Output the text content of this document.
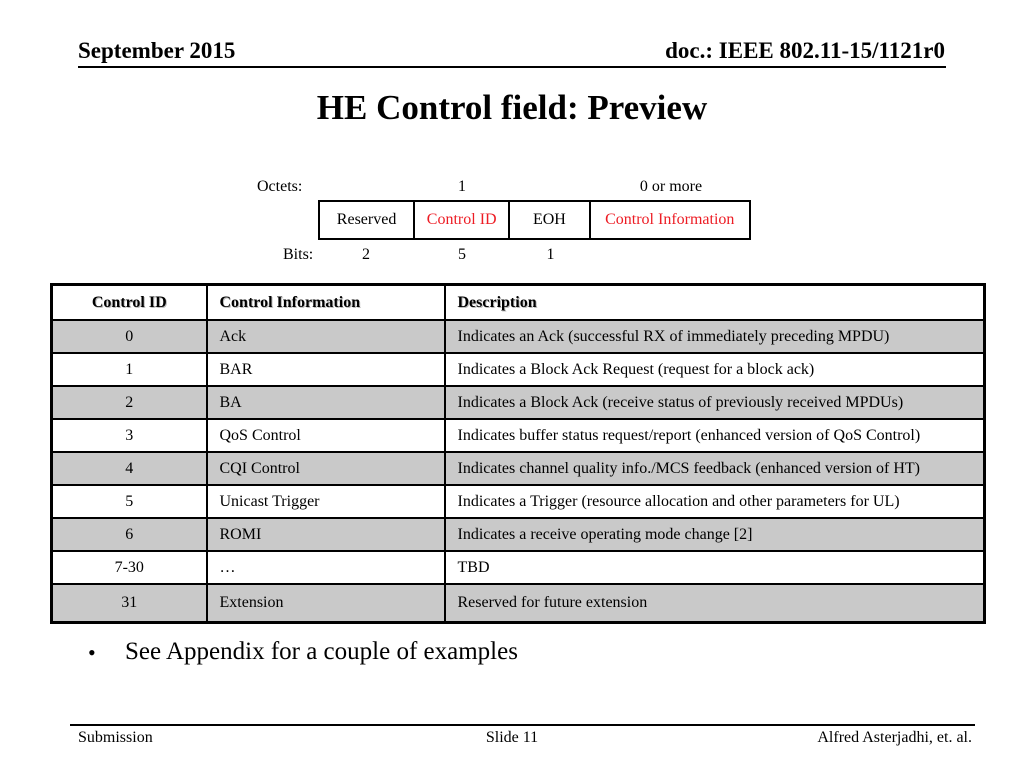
September 2015	doc.: IEEE 802.11-15/1121r0
HE Control field: Preview
Octets:	1	0 or more
Reserved	Control ID	EOH	Control Information
Bits:	2	5	1
Control ID	Control Information	Description
0	Ack	Indicates an Ack (successful RX of immediately preceding MPDU)
1	BAR	Indicates a Block Ack Request (request for a block ack)
2	BA	Indicates a Block Ack (receive status of previously received MPDUs)
3	QoS Control	Indicates buffer status request/report (enhanced version of QoS Control)
4	CQI Control	Indicates channel quality info./MCS feedback (enhanced version of HT)
5	Unicast Trigger	Indicates a Trigger (resource allocation and other parameters for UL)
6	ROMI	Indicates a receive operating mode change [2]
7-30	…	TBD
31	Extension	Reserved for future extension
•	See Appendix for a couple of examples
Submission	Slide 11	Alfred Asterjadhi, et. al.
